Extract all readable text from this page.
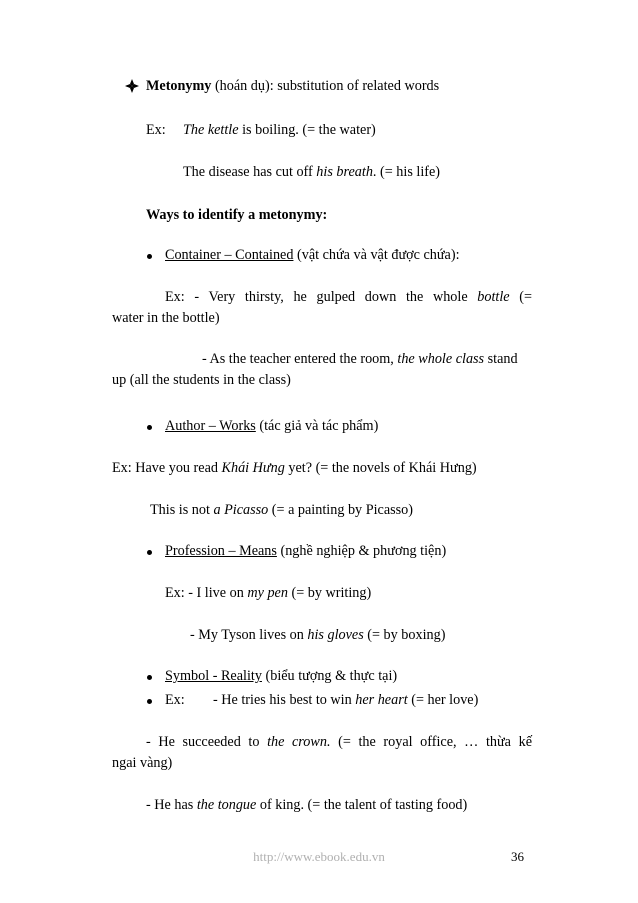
Metonymy (hoán dụ): substitution of related words
Ex: The kettle is boiling. (= the water)
The disease has cut off his breath. (= his life)
Ways to identify a metonymy:
Container – Contained (vật chứa và vật được chứa):
Ex: - Very thirsty, he gulped down the whole bottle (=
water in the bottle)
- As the teacher entered the room, the whole class stand
up (all the students in the class)
Author – Works (tác giả và tác phẩm)
Ex: Have you read Khái Hưng yet? (= the novels of Khái Hưng)
This is not a Picasso (= a painting by Picasso)
Profession – Means (nghề nghiệp & phương tiện)
Ex: - I live on my pen (= by writing)
- My Tyson lives on his gloves (= by boxing)
Symbol - Reality (biểu tượng & thực tại)
Ex: - He tries his best to win her heart (= her love)
- He succeeded to the crown. (= the royal office, … thừa kế
ngai vàng)
- He has the tongue of king. (= the talent of tasting food)
http://www.ebook.edu.vn	36
